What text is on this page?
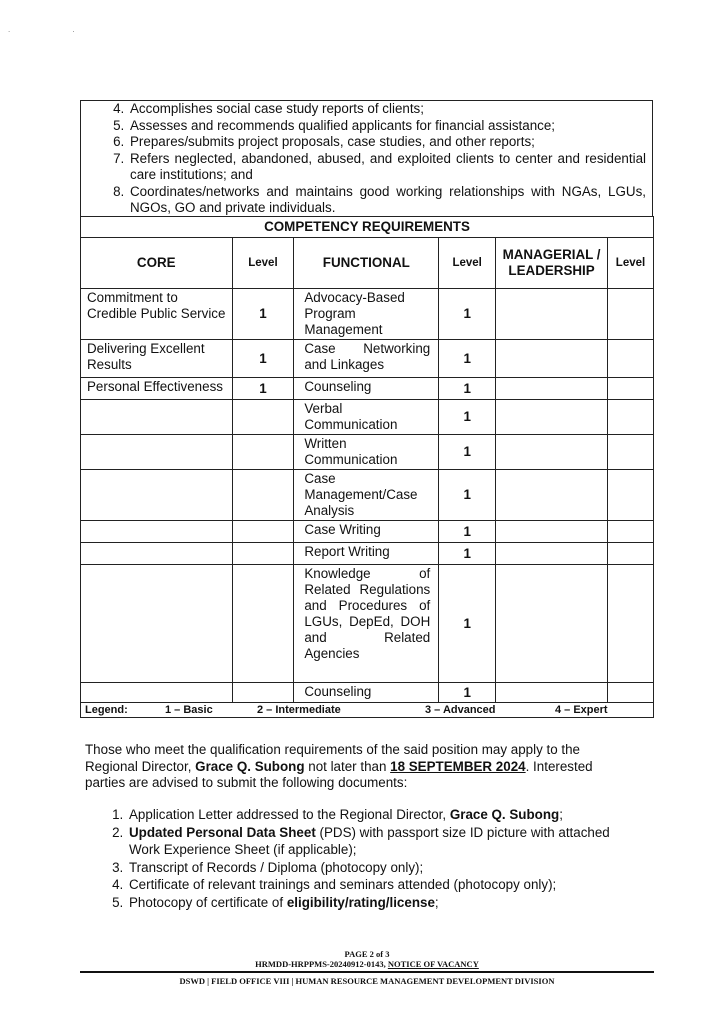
. .
4. Accomplishes social case study reports of clients;
5. Assesses and recommends qualified applicants for financial assistance;
6. Prepares/submits project proposals, case studies, and other reports;
7. Refers neglected, abandoned, abused, and exploited clients to center and residential care institutions; and
8. Coordinates/networks and maintains good working relationships with NGAs, LGUs, NGOs, GO and private individuals.
COMPETENCY REQUIREMENTS					
CORE	Level	FUNCTIONAL	Level	MANAGERIAL / LEADERSHIP	Level
Commitment to Credible Public Service	1	Advocacy-Based Program Management	1		
Delivering Excellent Results	1	Case Networking and Linkages	1		
Personal Effectiveness	1	Counseling	1		
		Verbal Communication	1		
		Written Communication	1		
		Case Management/Case Analysis	1		
		Case Writing	1		
		Report Writing	1		
		Knowledge of Related Regulations and Procedures of LGUs, DepEd, DOH and Related Agencies	1		
		Counseling	1		
Legend: 1 – Basic 2 – Intermediate 3 – Advanced 4 – Expert					

Those who meet the qualification requirements of the said position may apply to the Regional Director, Grace Q. Subong not later than 18 SEPTEMBER 2024. Interested parties are advised to submit the following documents:

1. Application Letter addressed to the Regional Director, Grace Q. Subong;
2. Updated Personal Data Sheet (PDS) with passport size ID picture with attached Work Experience Sheet (if applicable);
3. Transcript of Records / Diploma (photocopy only);
4. Certificate of relevant trainings and seminars attended (photocopy only);
5. Photocopy of certificate of eligibility/rating/license;
PAGE 2 of 3
HRMDD-HRPPMS-20240912-0143, NOTICE OF VACANCY
DSWD | FIELD OFFICE VIII | HUMAN RESOURCE MANAGEMENT DEVELOPMENT DIVISION
